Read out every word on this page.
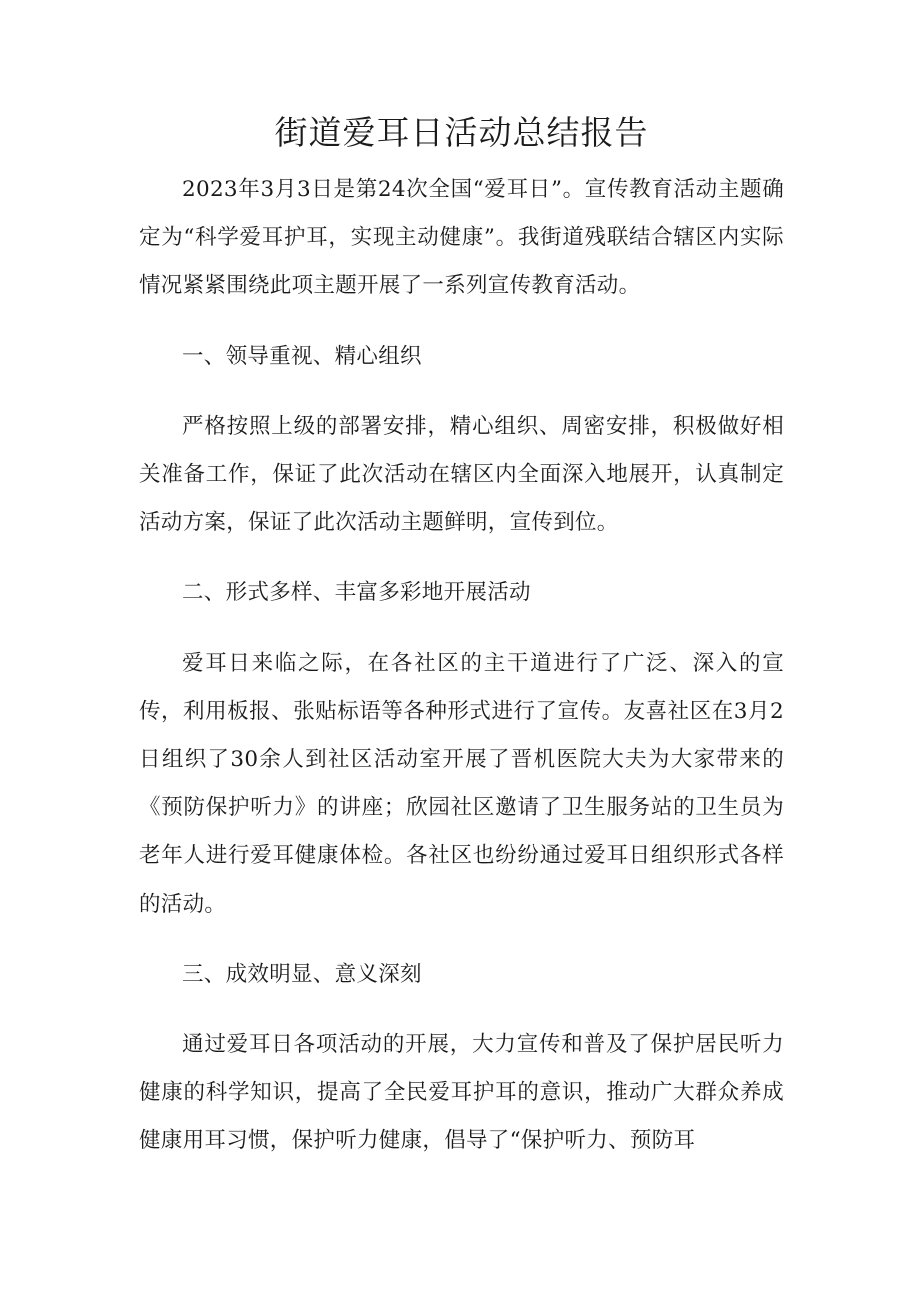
街道爱耳日活动总结报告

2023年3月3日是第24次全国“爱耳日”。宣传教育活动主题确定为“科学爱耳护耳，实现主动健康”。我街道残联结合辖区内实际情况紧紧围绕此项主题开展了一系列宣传教育活动。

一、领导重视、精心组织

严格按照上级的部署安排，精心组织、周密安排，积极做好相关准备工作，保证了此次活动在辖区内全面深入地展开，认真制定活动方案，保证了此次活动主题鲜明，宣传到位。

二、形式多样、丰富多彩地开展活动

爱耳日来临之际，在各社区的主干道进行了广泛、深入的宣传，利用板报、张贴标语等各种形式进行了宣传。友喜社区在3月2日组织了30余人到社区活动室开展了晋机医院大夫为大家带来的《预防保护听力》的讲座；欣园社区邀请了卫生服务站的卫生员为老年人进行爱耳健康体检。各社区也纷纷通过爱耳日组织形式各样的活动。

三、成效明显、意义深刻

通过爱耳日各项活动的开展，大力宣传和普及了保护居民听力健康的科学知识，提高了全民爱耳护耳的意识，推动广大群众养成健康用耳习惯，保护听力健康，倡导了“保护听力、预防耳
